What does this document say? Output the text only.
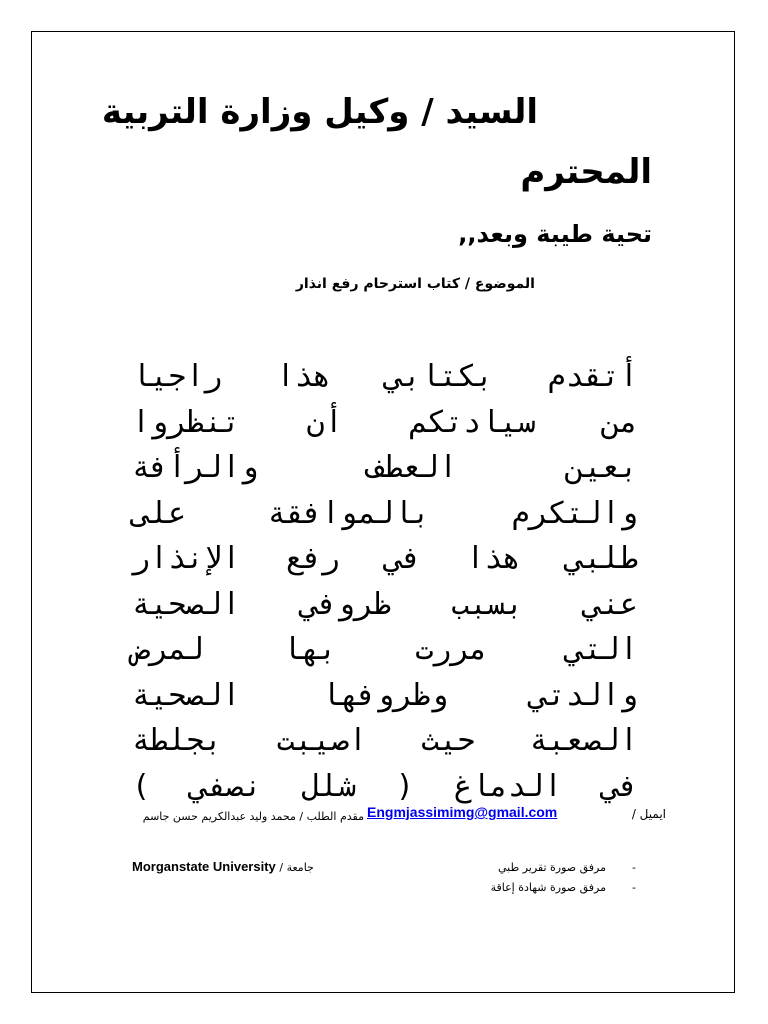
السيد / وكيل وزارة التربية
المحترم
تحية طيبة وبعد,,

الموضوع / كتاب استرحام رفع انذار

أتقدم بكتابي هذا راجيا
من سيادتكم أن تنظروا
بعين العطف والرأفة
والتكرم بالموافقة على
طلبي هذا في رفع الإنذار
عني بسبب ظروفي الصحية
التي مررت بها لمرض
والدتي وظروفها الصحية
الصعبة حيث اصيبت بجلطة
في الدماغ ( شلل نصفي )
ايميل /
Engmjassimimg@gmail.com
مقدم الطلب / محمد وليد عبدالكريم حسن جاسم
Morganstate University جامعة /
-	مرفق صورة تقرير طبي
- مرفق صورة شهادة إعاقة
